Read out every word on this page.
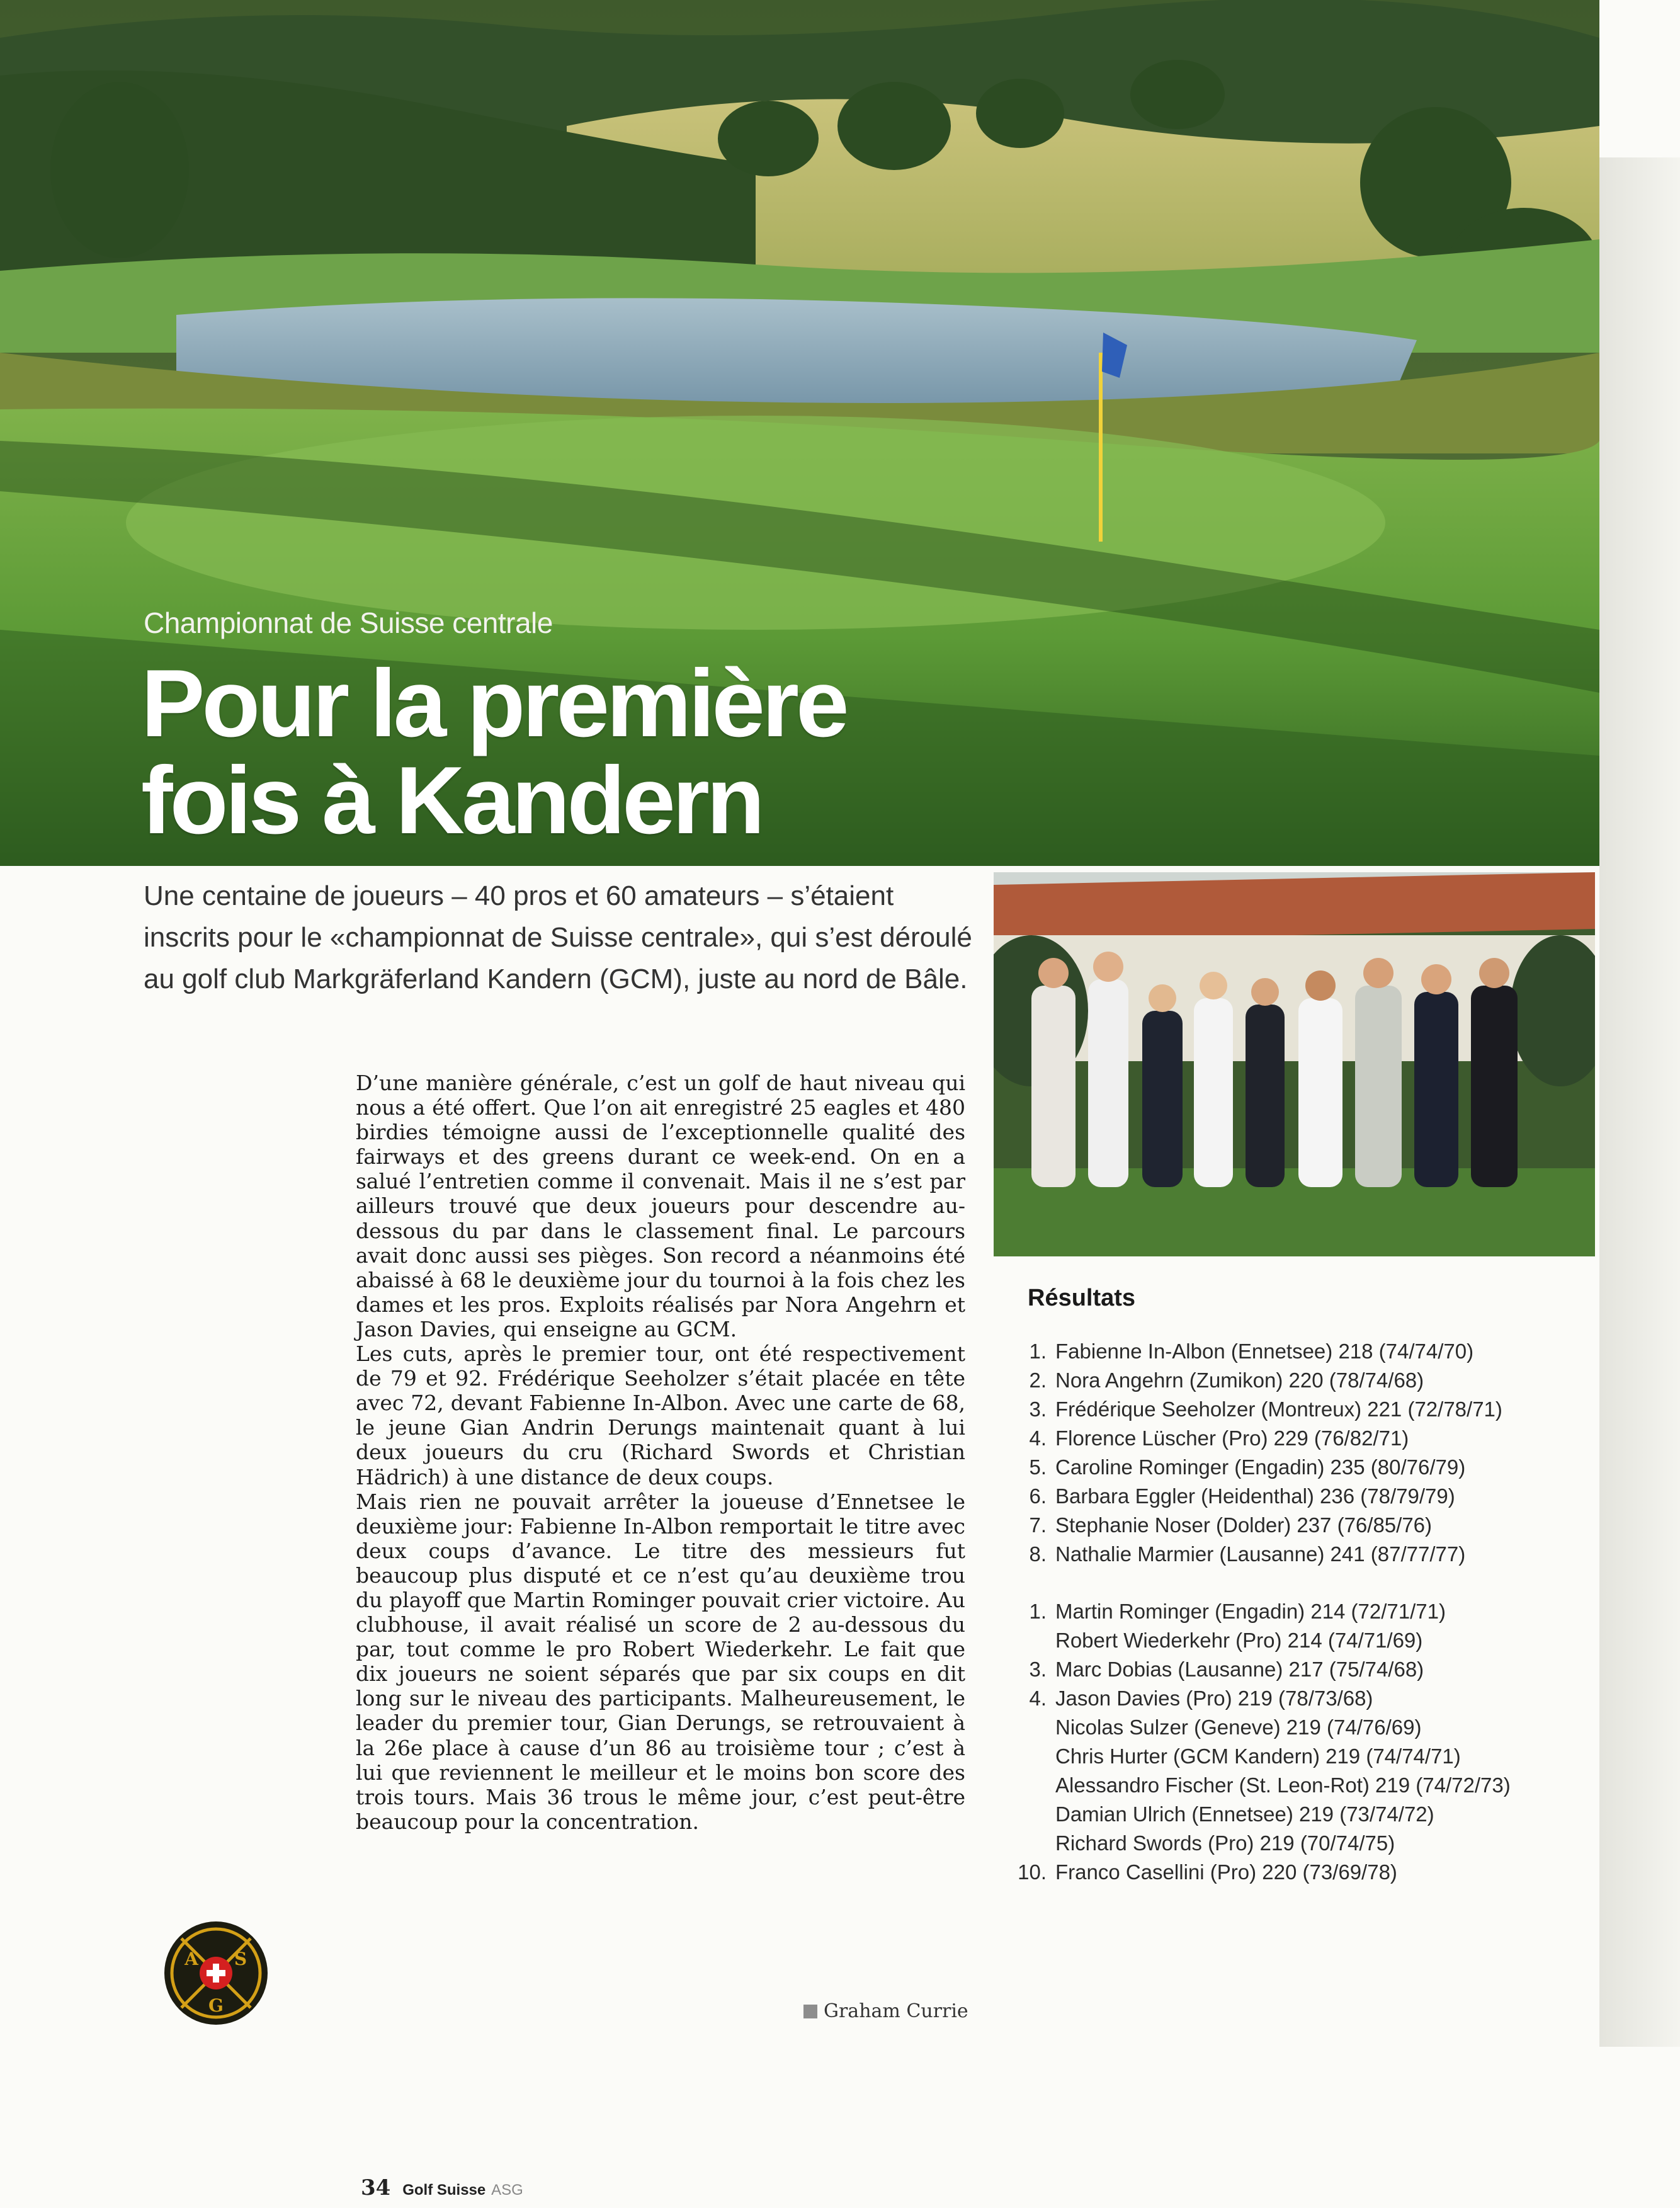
Championnat de Suisse centrale
Pour la première
fois à Kandern
Une centaine de joueurs – 40 pros et 60 amateurs – s’étaient inscrits pour le «championnat de Suisse centrale», qui s’est déroulé au golf club Markgräferland Kandern (GCM), juste au nord de Bâle.

D’une manière générale, c’est un golf de haut niveau qui nous a été offert. Que l’on ait enregistré 25 eagles et 480 birdies témoigne aussi de l’exceptionnelle qualité des fairways et des greens durant ce week-end. On en a salué l’entretien comme il convenait. Mais il ne s’est par ailleurs trouvé que deux joueurs pour descendre au-dessous du par dans le classement final. Le parcours avait donc aussi ses pièges. Son record a néanmoins été abaissé à 68 le deuxième jour du tournoi à la fois chez les dames et les pros. Exploits réalisés par Nora Angehrn et Jason Davies, qui enseigne au GCM.

Les cuts, après le premier tour, ont été respectivement de 79 et 92. Frédérique Seeholzer s’était placée en tête avec 72, devant Fabienne In-Albon. Avec une carte de 68, le jeune Gian Andrin Derungs maintenait quant à lui deux joueurs du cru (Richard Swords et Christian Hädrich) à une distance de deux coups.

Mais rien ne pouvait arrêter la joueuse d’Ennetsee le deuxième jour: Fabienne In-Albon remportait le titre avec deux coups d’avance. Le titre des messieurs fut beaucoup plus disputé et ce n’est qu’au deuxième trou du playoff que Martin Rominger pouvait crier victoire. Au clubhouse, il avait réalisé un score de 2 au-dessous du par, tout comme le pro Robert Wiederkehr. Le fait que dix joueurs ne soient séparés que par six coups en dit long sur le niveau des participants. Malheureusement, le leader du premier tour, Gian Derungs, se retrouvaient à la 26e place à cause d’un 86 au troisième tour ; c’est à lui que reviennent le meilleur et le moins bon score des trois tours. Mais 36 trous le même jour, c’est peut-être beaucoup pour la concentration.

Graham Currie
A S
G
Résultats
1. Fabienne In-Albon (Ennetsee) 218 (74/74/70)
2. Nora Angehrn (Zumikon) 220 (78/74/68)
3. Frédérique Seeholzer (Montreux) 221 (72/78/71)
4. Florence Lüscher (Pro) 229 (76/82/71)
5. Caroline Rominger (Engadin) 235 (80/76/79)
6. Barbara Eggler (Heidenthal) 236 (78/79/79)
7. Stephanie Noser (Dolder) 237 (76/85/76)
8. Nathalie Marmier (Lausanne) 241 (87/77/77)
1. Martin Rominger (Engadin) 214 (72/71/71)
Robert Wiederkehr (Pro) 214 (74/71/69)
3. Marc Dobias (Lausanne) 217 (75/74/68)
4. Jason Davies (Pro) 219 (78/73/68)
Nicolas Sulzer (Geneve) 219 (74/76/69)
Chris Hurter (GCM Kandern) 219 (74/74/71)
Alessandro Fischer (St. Leon-Rot) 219 (74/72/73)
Damian Ulrich (Ennetsee) 219 (73/74/72)
Richard Swords (Pro) 219 (70/74/75)
10. Franco Casellini (Pro) 220 (73/69/78)
34 Golf Suisse ASG
